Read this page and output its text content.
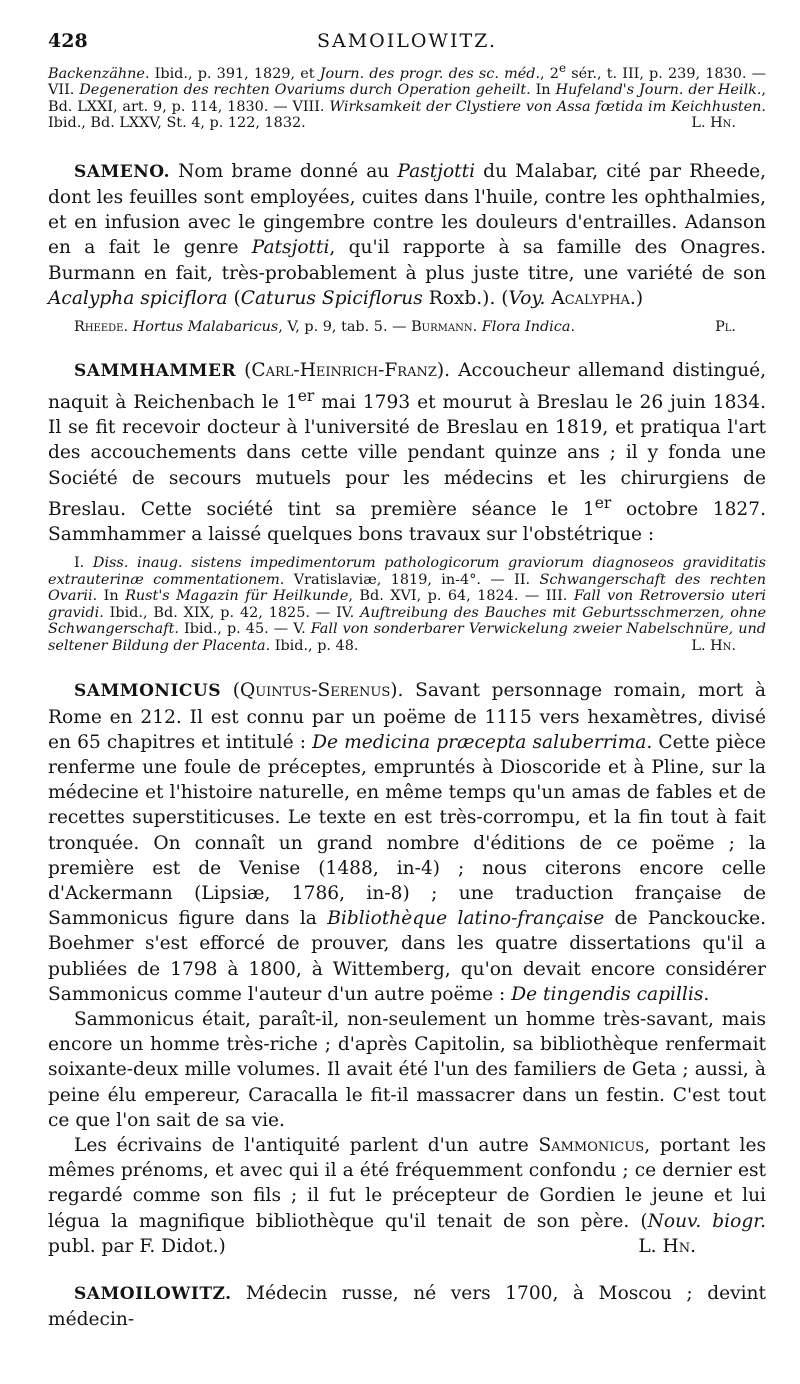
428	SAMOILOWITZ.

Backenzähne. Ibid., p. 391, 1829, et Journ. des progr. des sc. méd., 2e sér., t. III, p. 239, 1830. — VII. Degeneration des rechten Ovariums durch Operation geheilt. In Hufeland's Journ. der Heilk., Bd. LXXI, art. 9, p. 114, 1830. — VIII. Wirksamkeit der Clystiere von Assa fœtida im Keichhusten. Ibid., Bd. LXXV, St. 4, p. 122, 1832.	L. Hn.

SAMENO. Nom brame donné au Pastjotti du Malabar, cité par Rheede, dont les feuilles sont employées, cuites dans l'huile, contre les ophthalmies, et en infusion avec le gingembre contre les douleurs d'entrailles. Adanson en a fait le genre Patsjotti, qu'il rapporte à sa famille des Onagres. Burmann en fait, très-probablement à plus juste titre, une variété de son Acalypha spiciflora (Caturus Spiciflorus Roxb.). (Voy. Acalypha.)

Rheede. Hortus Malabaricus, V, p. 9, tab. 5. — Burmann. Flora Indica.	Pl.

SAMMHAMMER (Carl-Heinrich-Franz). Accoucheur allemand distingué, naquit à Reichenbach le 1er mai 1793 et mourut à Breslau le 26 juin 1834. Il se fit recevoir docteur à l'université de Breslau en 1819, et pratiqua l'art des accouchements dans cette ville pendant quinze ans ; il y fonda une Société de secours mutuels pour les médecins et les chirurgiens de Breslau. Cette société tint sa première séance le 1er octobre 1827. Sammhammer a laissé quelques bons travaux sur l'obstétrique :

I. Diss. inaug. sistens impedimentorum pathologicorum graviorum diagnoseos graviditatis extrauterinæ commentationem. Vratislaviæ, 1819, in-4°. — II. Schwangerschaft des rechten Ovarii. In Rust's Magazin für Heilkunde, Bd. XVI, p. 64, 1824. — III. Fall von Retroversio uteri gravidi. Ibid., Bd. XIX, p. 42, 1825. — IV. Auftreibung des Bauches mit Geburtsschmerzen, ohne Schwangerschaft. Ibid., p. 45. — V. Fall von sonderbarer Verwickelung zweier Nabelschnüre, und seltener Bildung der Placenta. Ibid., p. 48.	L. Hn.

SAMMONICUS (Quintus-Serenus). Savant personnage romain, mort à Rome en 212. Il est connu par un poëme de 1115 vers hexamètres, divisé en 65 chapitres et intitulé : De medicina præcepta saluberrima. Cette pièce renferme une foule de préceptes, empruntés à Dioscoride et à Pline, sur la médecine et l'histoire naturelle, en même temps qu'un amas de fables et de recettes superstiticuses. Le texte en est très-corrompu, et la fin tout à fait tronquée. On connaît un grand nombre d'éditions de ce poëme ; la première est de Venise (1488, in-4) ; nous citerons encore celle d'Ackermann (Lipsiæ, 1786, in-8) ; une traduction française de Sammonicus figure dans la Bibliothèque latino-française de Panckoucke. Boehmer s'est efforcé de prouver, dans les quatre dissertations qu'il a publiées de 1798 à 1800, à Wittemberg, qu'on devait encore considérer Sammonicus comme l'auteur d'un autre poëme : De tingendis capillis.

Sammonicus était, paraît-il, non-seulement un homme très-savant, mais encore un homme très-riche ; d'après Capitolin, sa bibliothèque renfermait soixante-deux mille volumes. Il avait été l'un des familiers de Geta ; aussi, à peine élu empereur, Caracalla le fit-il massacrer dans un festin. C'est tout ce que l'on sait de sa vie.

Les écrivains de l'antiquité parlent d'un autre Sammonicus, portant les mêmes prénoms, et avec qui il a été fréquemment confondu ; ce dernier est regardé comme son fils ; il fut le précepteur de Gordien le jeune et lui légua la magnifique bibliothèque qu'il tenait de son père. (Nouv. biogr. publ. par F. Didot.)	L. Hn.

SAMOILOWITZ. Médecin russe, né vers 1700, à Moscou ; devint médecin-
